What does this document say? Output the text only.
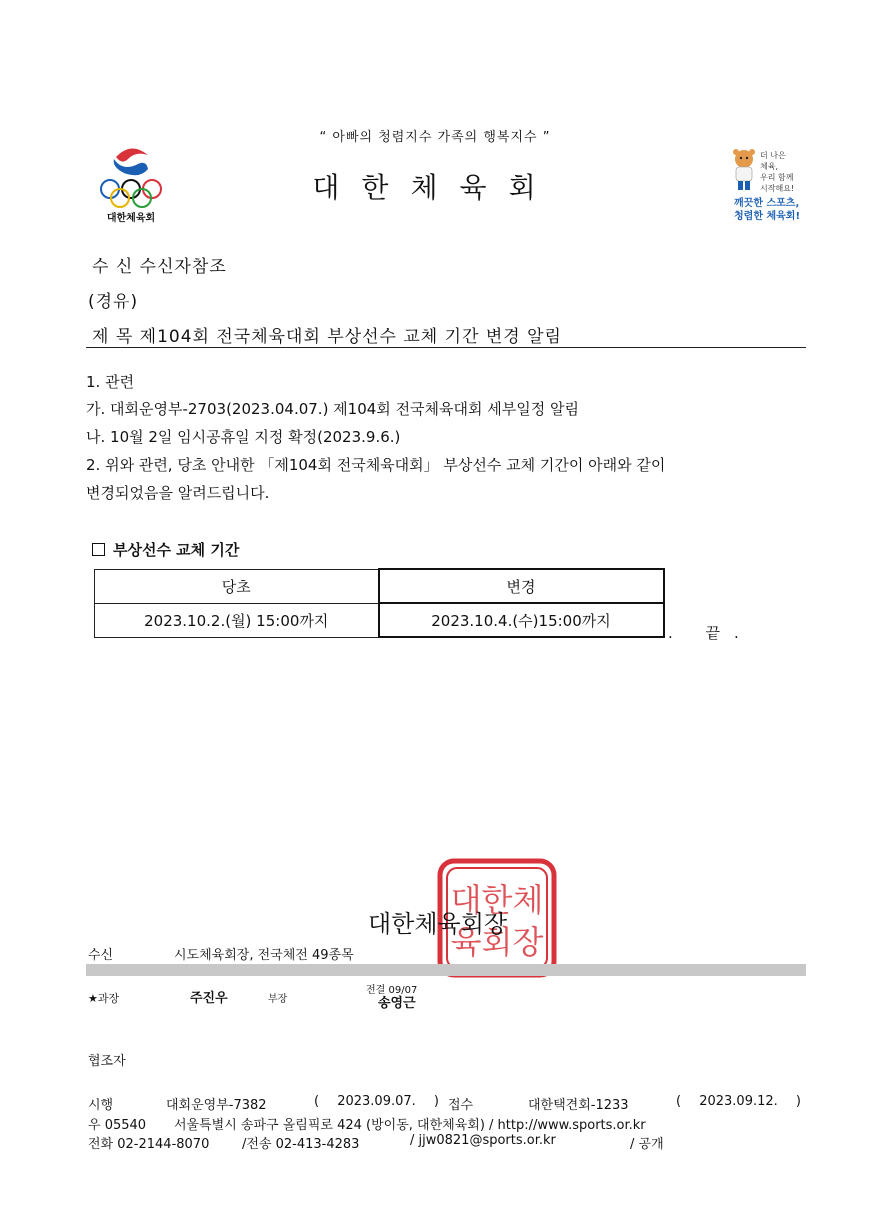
“ 아빠의 청렴지수 가족의 행복지수 ”
대한체육회
대한체육회
더 나은
체육,
우리 함께
시작해요!
깨끗한 스포츠,
청렴한 체육회!
수 신 수신자참조
(경유)
제 목 제104회 전국체육대회 부상선수 교체 기간 변경 알림
1. 관련
가. 대회운영부-2703(2023.04.07.) 제104회 전국체육대회 세부일정 알림
나. 10월 2일 임시공휴일 지정 확정(2023.9.6.)
2. 위와 관련, 당초 안내한 「제104회 전국체육대회」 부상선수 교체 기간이 아래와 같이
변경되었음을 알려드립니다.
부상선수 교체 기간
당초	변경
2023.10.2.(월) 15:00까지	2023.10.4.(수)15:00까지
. 끝.
대한체
육회장
대한체육회장
수신	시도체육회장, 전국체전 49종목
★과장	주진우	부장
전결 09/07
송영근
협조자
시행	대회운영부-7382	( 2023.09.07. ) 접수	대한택견회-1233	( 2023.09.12. )
우 05540 서울특별시 송파구 올림픽로 424 (방이동, 대한체육회) / http://www.sports.or.kr
전화 02-2144-8070	/전송 02-413-4283	/ jjw0821@sports.or.kr	/ 공개
